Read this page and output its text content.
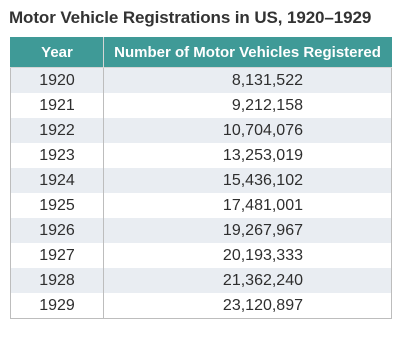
Motor Vehicle Registrations in US, 1920–1929
Year	Number of Motor Vehicles Registered
1920	8,131,522
1921	9,212,158
1922	10,704,076
1923	13,253,019
1924	15,436,102
1925	17,481,001
1926	19,267,967
1927	20,193,333
1928	21,362,240
1929	23,120,897
